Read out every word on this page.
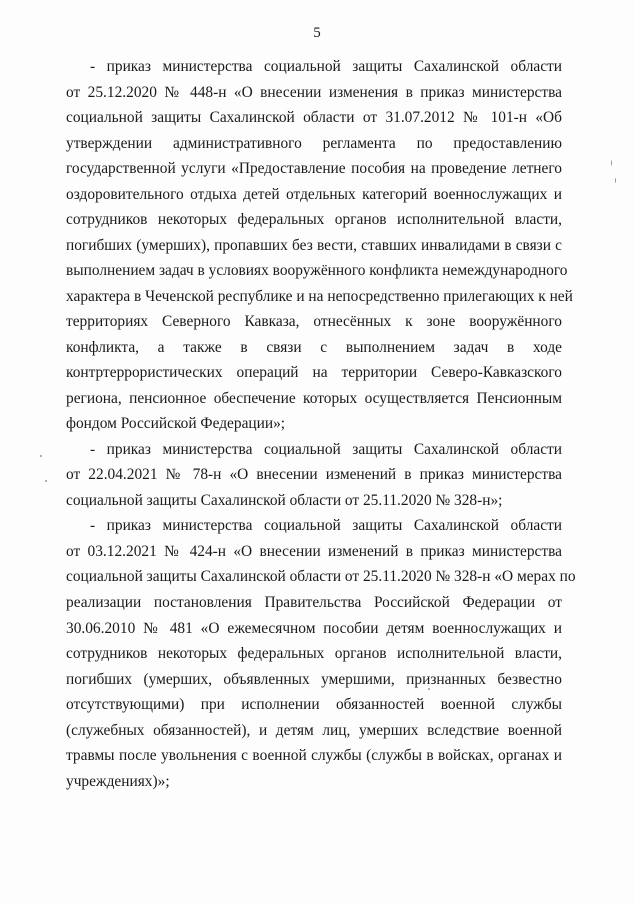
5
- приказ министерства социальной защиты Сахалинской области
от 25.12.2020 № 448-н «О внесении изменения в приказ министерства
социальной защиты Сахалинской области от 31.07.2012 № 101-н «Об
утверждении административного регламента по предоставлению
государственной услуги «Предоставление пособия на проведение летнего
оздоровительного отдыха детей отдельных категорий военнослужащих и
сотрудников некоторых федеральных органов исполнительной власти,
погибших (умерших), пропавших без вести, ставших инвалидами в связи с
выполнением задач в условиях вооружённого конфликта немеждународного
характера в Чеченской республике и на непосредственно прилегающих к ней
территориях Северного Кавказа, отнесённых к зоне вооружённого
конфликта, а также в связи с выполнением задач в ходе
контртеррористических операций на территории Северо-Кавказского
региона, пенсионное обеспечение которых осуществляется Пенсионным
фондом Российской Федерации»;
- приказ министерства социальной защиты Сахалинской области
от 22.04.2021 № 78-н «О внесении изменений в приказ министерства
социальной защиты Сахалинской области от 25.11.2020 № 328-н»;
- приказ министерства социальной защиты Сахалинской области
от 03.12.2021 № 424-н «О внесении изменений в приказ министерства
социальной защиты Сахалинской области от 25.11.2020 № 328-н «О мерах по
реализации постановления Правительства Российской Федерации от
30.06.2010 № 481 «О ежемесячном пособии детям военнослужащих и
сотрудников некоторых федеральных органов исполнительной власти,
погибших (умерших, объявленных умершими, признанных безвестно
отсутствующими) при исполнении обязанностей военной службы
(служебных обязанностей), и детям лиц, умерших вследствие военной
травмы после увольнения с военной службы (службы в войсках, органах и
учреждениях)»;
